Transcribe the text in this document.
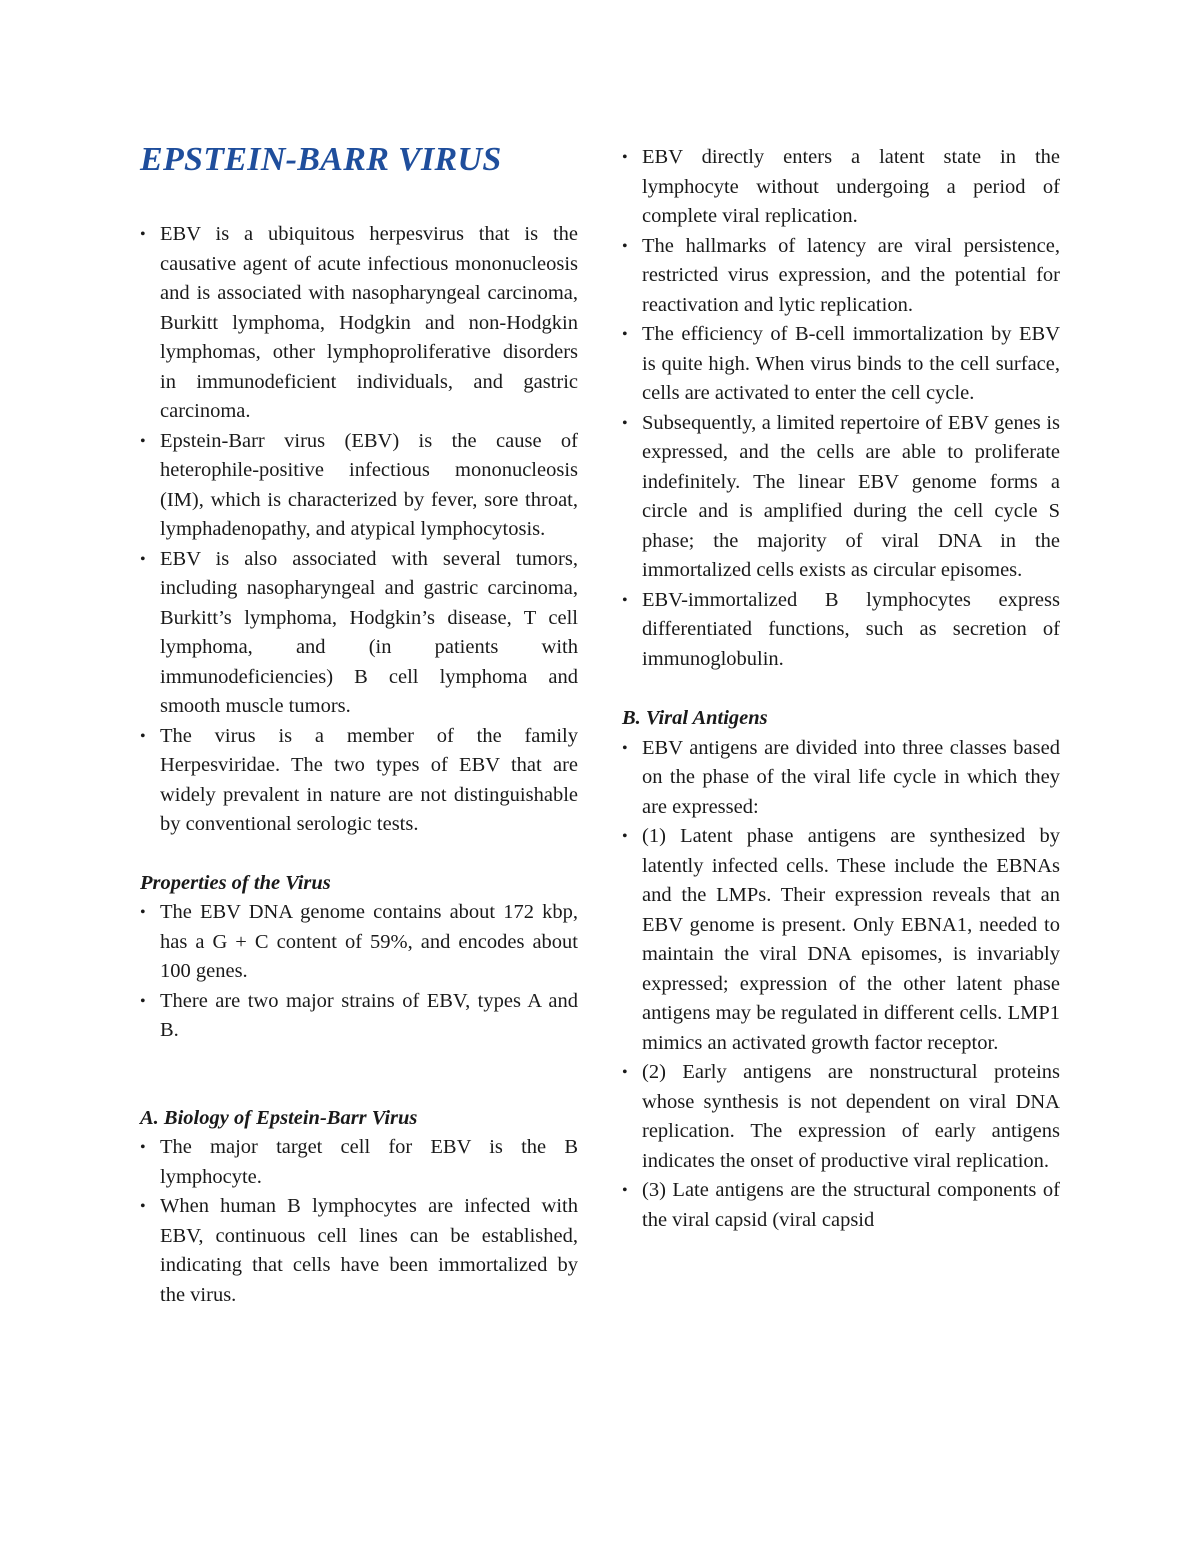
EPSTEIN-BARR VIRUS
• EBV is a ubiquitous herpesvirus that is the causative agent of acute infectious mononucleosis and is associated with nasopharyngeal carcinoma, Burkitt lymphoma, Hodgkin and non-Hodgkin lymphomas, other lymphoproliferative disorders in immunodeficient individuals, and gastric carcinoma.
• Epstein-Barr virus (EBV) is the cause of heterophile-positive infectious mononucleosis (IM), which is characterized by fever, sore throat, lymphadenopathy, and atypical lymphocytosis.
• EBV is also associated with several tumors, including nasopharyngeal and gastric carcinoma, Burkitt’s lymphoma, Hodgkin’s disease, T cell lymphoma, and (in patients with immunodeficiencies) B cell lymphoma and smooth muscle tumors.
• The virus is a member of the family Herpesviridae. The two types of EBV that are widely prevalent in nature are not distinguishable by conventional serologic tests.

Properties of the Virus

• The EBV DNA genome contains about 172 kbp, has a G + C content of 59%, and encodes about 100 genes.
• There are two major strains of EBV, types A and B.

A. Biology of Epstein-Barr Virus

• The major target cell for EBV is the B lymphocyte.
• When human B lymphocytes are infected with EBV, continuous cell lines can be established, indicating that cells have been immortalized by the virus.
• EBV directly enters a latent state in the lymphocyte without undergoing a period of complete viral replication.
• The hallmarks of latency are viral persistence, restricted virus expression, and the potential for reactivation and lytic replication.
• The efficiency of B-cell immortalization by EBV is quite high. When virus binds to the cell surface, cells are activated to enter the cell cycle.
• Subsequently, a limited repertoire of EBV genes is expressed, and the cells are able to proliferate indefinitely. The linear EBV genome forms a circle and is amplified during the cell cycle S phase; the majority of viral DNA in the immortalized cells exists as circular episomes.
• EBV-immortalized B lymphocytes express differentiated functions, such as secretion of immunoglobulin.

B. Viral Antigens

• EBV antigens are divided into three classes based on the phase of the viral life cycle in which they are expressed:
• (1) Latent phase antigens are synthesized by latently infected cells. These include the EBNAs and the LMPs. Their expression reveals that an EBV genome is present. Only EBNA1, needed to maintain the viral DNA episomes, is invariably expressed; expression of the other latent phase antigens may be regulated in different cells. LMP1 mimics an activated growth factor receptor.
• (2) Early antigens are nonstructural proteins whose synthesis is not dependent on viral DNA replication. The expression of early antigens indicates the onset of productive viral replication.
• (3) Late antigens are the structural components of the viral capsid (viral capsid
